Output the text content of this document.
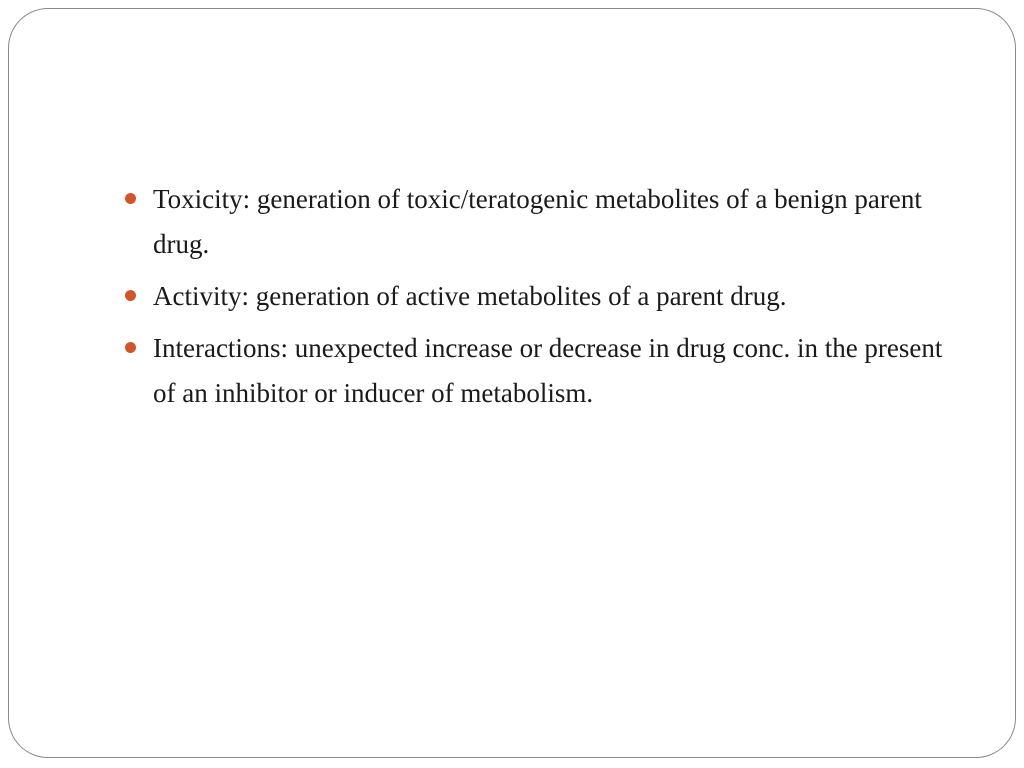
Toxicity: generation of toxic/teratogenic metabolites of a benign parent drug.
Activity: generation of active metabolites of a parent drug.
Interactions: unexpected increase or decrease in drug conc. in the present of an inhibitor or inducer of metabolism.
